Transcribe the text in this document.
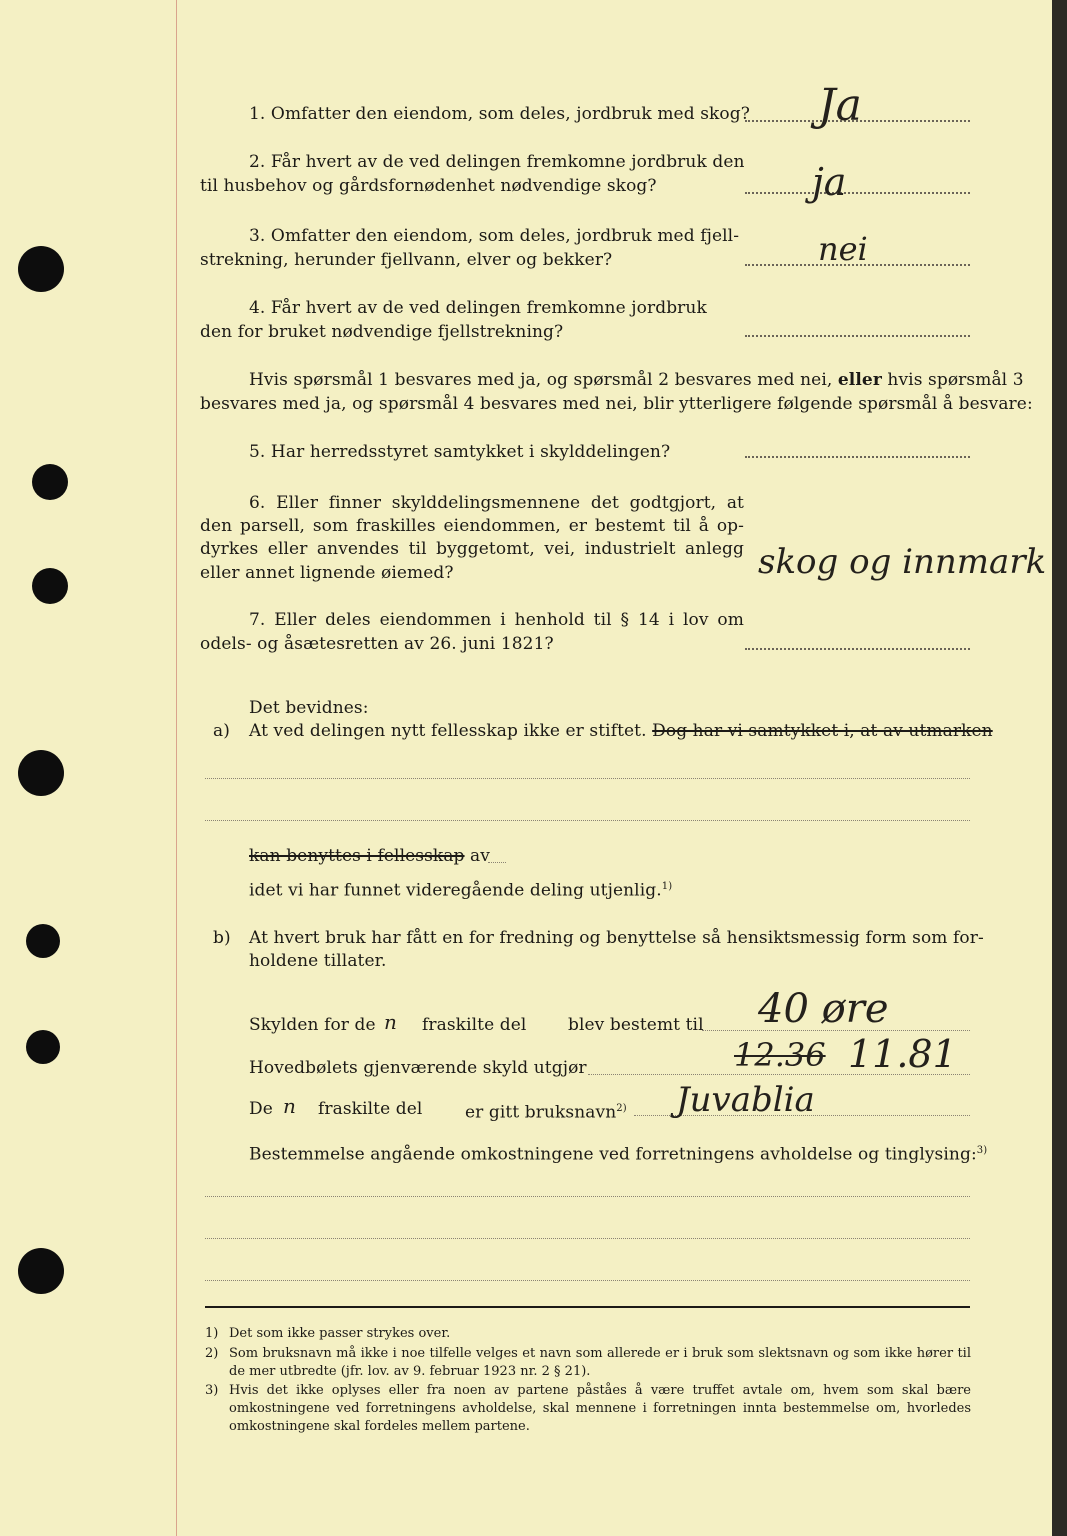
1. Omfatter den eiendom, som deles, jordbruk med skog? Ja
2. Får hvert av de ved delingen fremkomne jordbruk den
til husbehov og gårdsfornødenhet nødvendige skog?	ja
3. Omfatter den eiendom, som deles, jordbruk med fjell-
strekning, herunder fjellvann, elver og bekker?	nei
4. Får hvert av de ved delingen fremkomne jordbruk
den for bruket nødvendige fjellstrekning?
Hvis spørsmål 1 besvares med ja, og spørsmål 2 besvares med nei, eller hvis spørsmål 3
besvares med ja, og spørsmål 4 besvares med nei, blir ytterligere følgende spørsmål å besvare:
5. Har herredsstyret samtykket i skylddelingen?
6. Eller finner skylddelingsmennene det godtgjort, at
den parsell, som fraskilles eiendommen, er bestemt til å op-
dyrkes eller anvendes til byggetomt, vei, industrielt anlegg
eller annet lignende øiemed?	skog og innmark
7. Eller deles eiendommen i henhold til § 14 i lov om
odels- og åsætesretten av 26. juni 1821?
Det bevidnes:
a) At ved delingen nytt fellesskap ikke er stiftet. Dog har vi samtykket i, at av utmarken
kan benyttes i fellesskap av
idet vi har funnet videregående deling utjenlig.$^{1)}$
b) At hvert bruk har fått en for fredning og benyttelse så hensiktsmessig form som for-
holdene tillater.
Skylden for de n fraskilte del blev bestemt til 40 øre
Hovedbølets gjenværende skyld utgjør	12.36 11.81
De n fraskilte del	er gitt bruksnavn$^{2)}$ Juvablia
Bestemmelse angående omkostningene ved forretningens avholdelse og tinglysing:$^{3)}$
1) Det som ikke passer strykes over.
2) Som bruksnavn må ikke i noe tilfelle velges et navn som allerede er i bruk som slektsnavn og som ikke hører til de mer utbredte (jfr. lov. av 9. februar 1923 nr. 2 § 21).
3) Hvis det ikke oplyses eller fra noen av partene påståes å være truffet avtale om, hvem som skal bære omkostningene ved forretningens avholdelse, skal mennene i forretningen innta bestemmelse om, hvorledes omkostningene skal fordeles mellem partene.
